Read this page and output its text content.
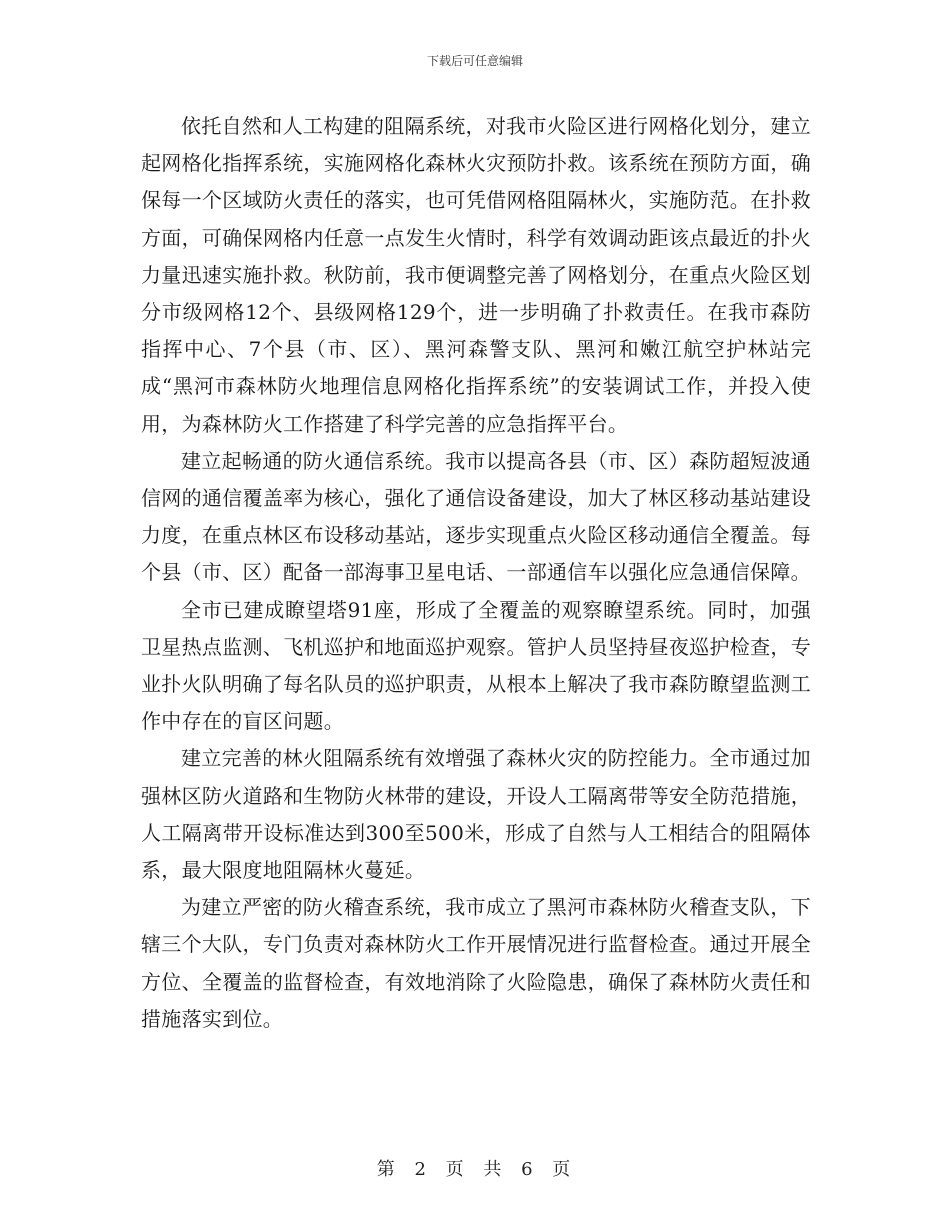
下载后可任意编辑

依托自然和人工构建的阻隔系统，对我市火险区进行网格化划分，建立起网格化指挥系统，实施网格化森林火灾预防扑救。该系统在预防方面，确保每一个区域防火责任的落实，也可凭借网格阻隔林火，实施防范。在扑救方面，可确保网格内任意一点发生火情时，科学有效调动距该点最近的扑火力量迅速实施扑救。秋防前，我市便调整完善了网格划分，在重点火险区划分市级网格12个、县级网格129个，进一步明确了扑救责任。在我市森防指挥中心、7个县（市、区）、黑河森警支队、黑河和嫩江航空护林站完成“黑河市森林防火地理信息网格化指挥系统”的安装调试工作，并投入使用，为森林防火工作搭建了科学完善的应急指挥平台。

建立起畅通的防火通信系统。我市以提高各县（市、区）森防超短波通信网的通信覆盖率为核心，强化了通信设备建设，加大了林区移动基站建设力度，在重点林区布设移动基站，逐步实现重点火险区移动通信全覆盖。每个县（市、区）配备一部海事卫星电话、一部通信车以强化应急通信保障。

全市已建成瞭望塔91座，形成了全覆盖的观察瞭望系统。同时，加强卫星热点监测、飞机巡护和地面巡护观察。管护人员坚持昼夜巡护检查，专业扑火队明确了每名队员的巡护职责，从根本上解决了我市森防瞭望监测工作中存在的盲区问题。

建立完善的林火阻隔系统有效增强了森林火灾的防控能力。全市通过加强林区防火道路和生物防火林带的建设，开设人工隔离带等安全防范措施，人工隔离带开设标准达到300至500米，形成了自然与人工相结合的阻隔体系，最大限度地阻隔林火蔓延。

为建立严密的防火稽查系统，我市成立了黑河市森林防火稽查支队，下辖三个大队，专门负责对森林防火工作开展情况进行监督检查。通过开展全方位、全覆盖的监督检查，有效地消除了火险隐患，确保了森林防火责任和措施落实到位。

第 2 页 共 6 页
